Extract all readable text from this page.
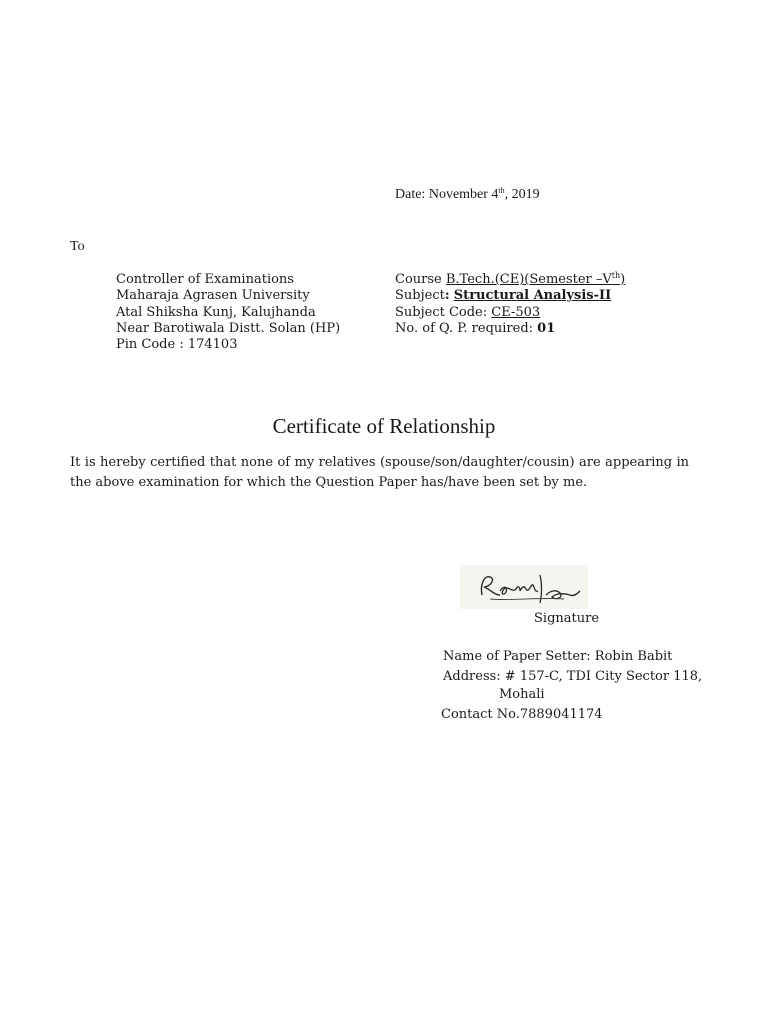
Date: November 4th, 2019
To
Controller of Examinations
Maharaja Agrasen University
Atal Shiksha Kunj, Kalujhanda
Near Barotiwala Distt. Solan (HP)
Pin Code : 174103
Course B.Tech.(CE)(Semester –Vth)
Subject: Structural Analysis-II
Subject Code: CE-503
No. of Q. P. required: 01
Certificate of Relationship
It is hereby certified that none of my relatives (spouse/son/daughter/cousin) are appearing in the above examination for which the Question Paper has/have been set by me.
Signature
Name of Paper Setter: Robin Babit
Address: # 157-C, TDI City Sector 118,
Mohali
Contact No.7889041174
